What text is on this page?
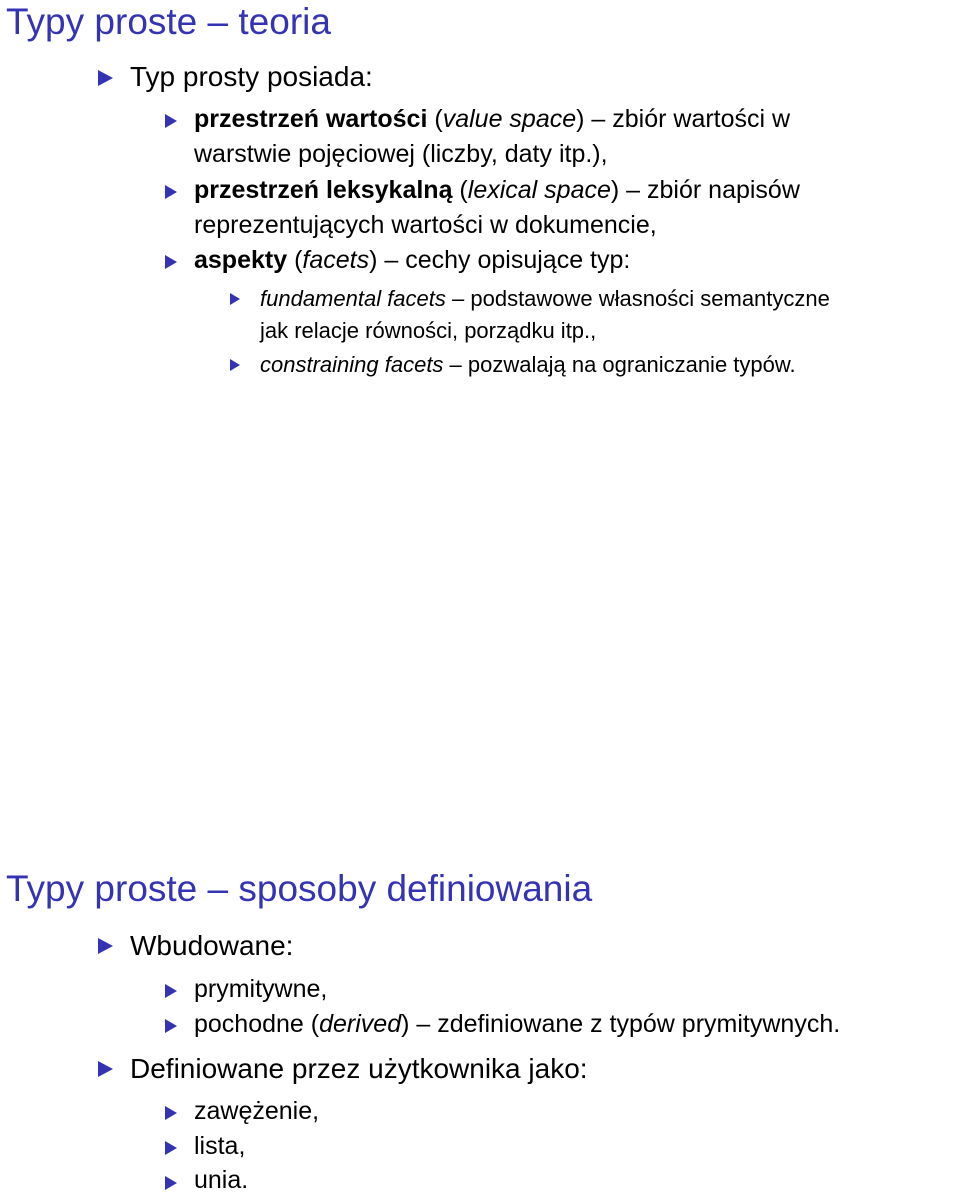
Typy proste – teoria
Typ prosty posiada:
przestrzeń wartości (value space) – zbiór wartości w
warstwie pojęciowej (liczby, daty itp.),
przestrzeń leksykalną (lexical space) – zbiór napisów
reprezentujących wartości w dokumencie,
aspekty (facets) – cechy opisujące typ:
fundamental facets – podstawowe własności semantyczne
jak relacje równości, porządku itp.,
constraining facets – pozwalają na ograniczanie typów.
Typy proste – sposoby definiowania
Wbudowane:
prymitywne,
pochodne (derived) – zdefiniowane z typów prymitywnych.
Definiowane przez użytkownika jako:
zawężenie,
lista,
unia.
